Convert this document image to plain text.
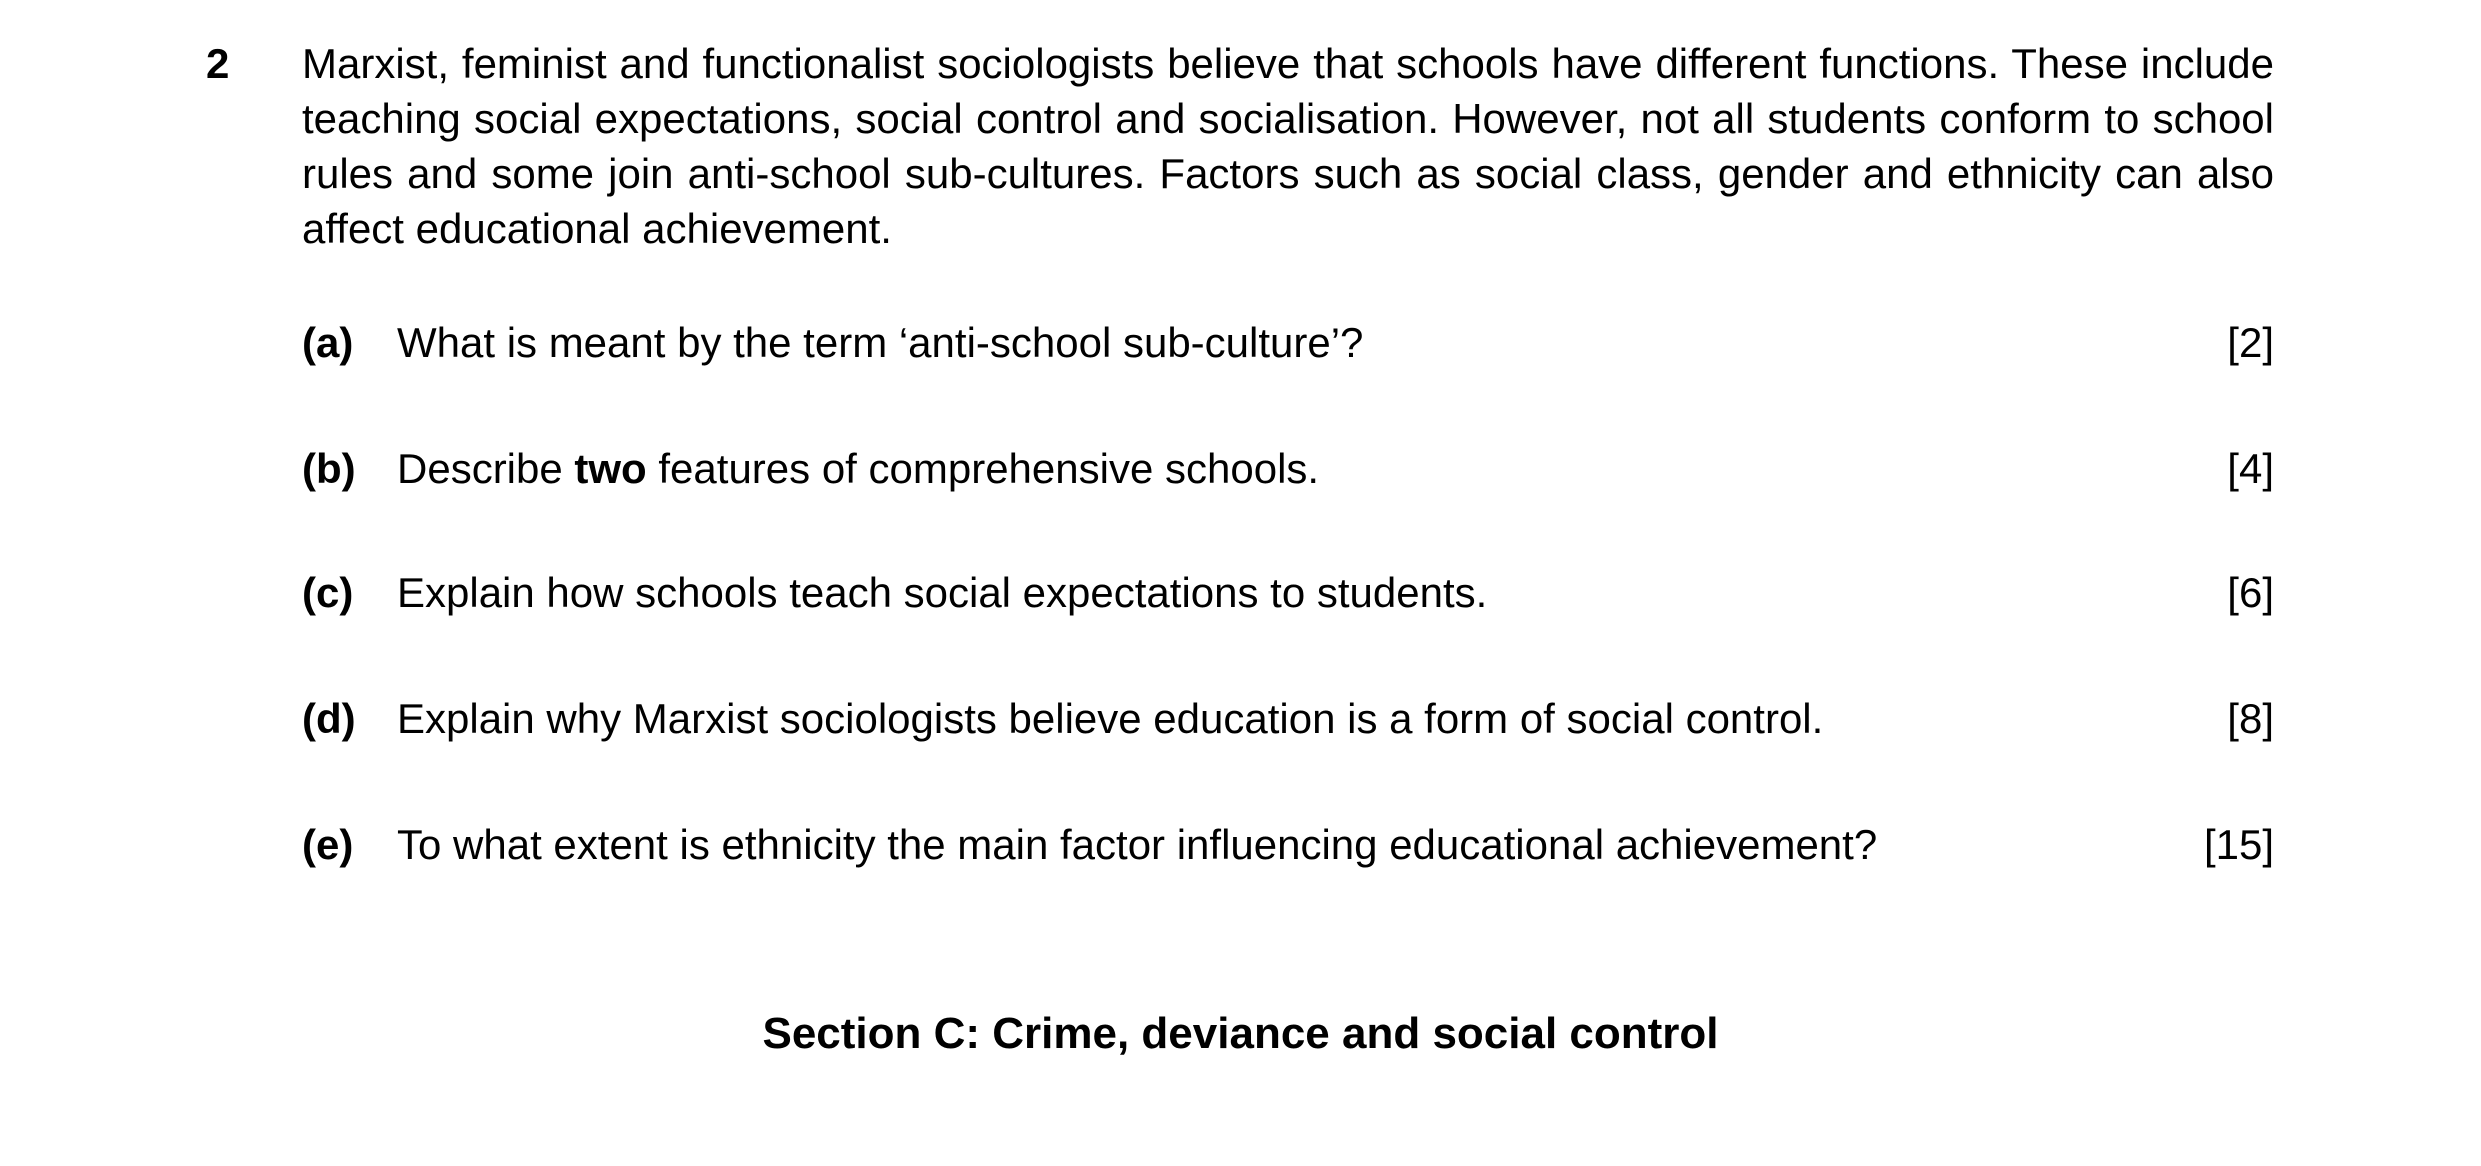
2 Marxist, feminist and functionalist sociologists believe that schools have different functions. These include teaching social expectations, social control and socialisation. However, not all students conform to school rules and some join anti-school sub-cultures. Factors such as social class, gender and ethnicity can also affect educational achievement.

(a) What is meant by the term ‘anti-school sub-culture’?	[2]
(b) Describe two features of comprehensive schools.	[4]
(c) Explain how schools teach social expectations to students.	[6]
(d) Explain why Marxist sociologists believe education is a form of social control.	[8]
(e) To what extent is ethnicity the main factor influencing educational achievement?	[15]
Section C: Crime, deviance and social control
